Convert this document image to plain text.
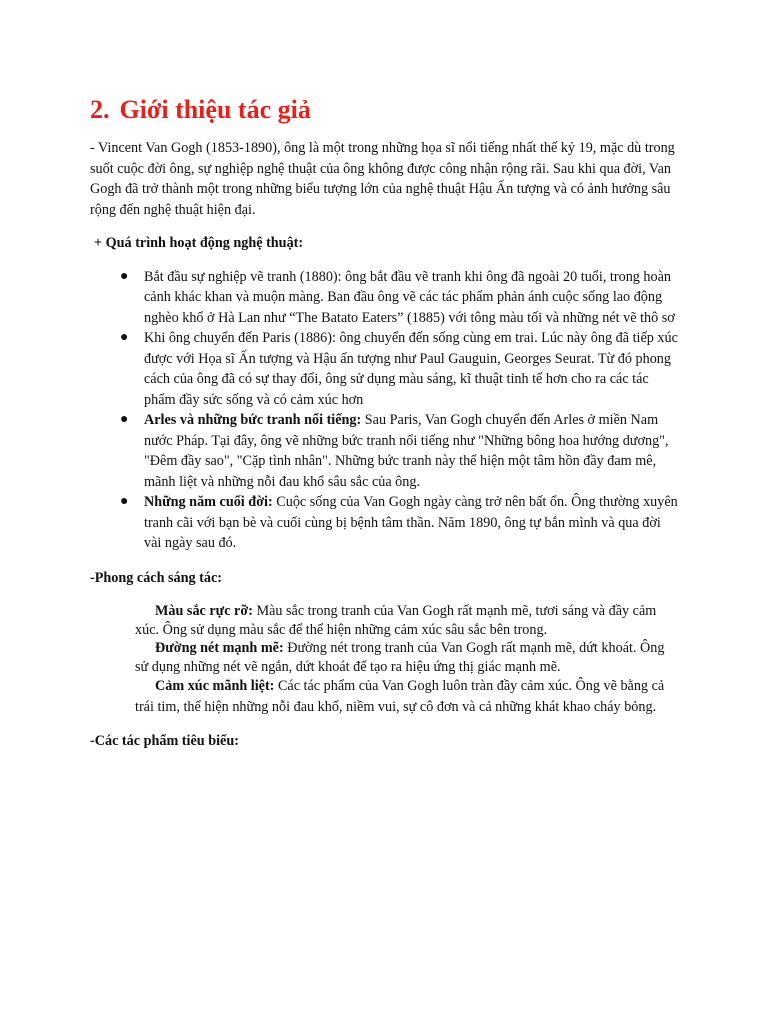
2. Giới thiệu tác giả

- Vincent Van Gogh (1853-1890), ông là một trong những họa sĩ nổi tiếng nhất thế kỷ 19, mặc dù trong suốt cuộc đời ông, sự nghiệp nghệ thuật của ông không được công nhận rộng rãi. Sau khi qua đời, Van Gogh đã trở thành một trong những biểu tượng lớn của nghệ thuật Hậu Ấn tượng và có ảnh hưởng sâu rộng đến nghệ thuật hiện đại.

+ Quá trình hoạt động nghệ thuật:

● Bắt đầu sự nghiệp vẽ tranh (1880): ông bắt đầu vẽ tranh khi ông đã ngoài 20 tuổi, trong hoàn cảnh khác khan và muộn màng. Ban đầu ông vẽ các tác phẩm phản ánh cuộc sống lao động nghèo khổ ở Hà Lan như “The Batato Eaters” (1885) với tông màu tối và những nét vẽ thô sơ
● Khi ông chuyển đến Paris (1886): ông chuyển đến sống cùng em trai. Lúc này ông đã tiếp xúc được với Họa sĩ Ấn tượng và Hậu ấn tượng như Paul Gauguin, Georges Seurat. Từ đó phong cách của ông đã có sự thay đổi, ông sử dụng màu sáng, kĩ thuật tinh tế hơn cho ra các tác phẩm đầy sức sống và có cảm xúc hơn
● Arles và những bức tranh nổi tiếng: Sau Paris, Van Gogh chuyển đến Arles ở miền Nam nước Pháp. Tại đây, ông vẽ những bức tranh nổi tiếng như "Những bông hoa hướng dương", "Đêm đầy sao", "Cặp tình nhân". Những bức tranh này thể hiện một tâm hồn đầy đam mê, mãnh liệt và những nỗi đau khổ sâu sắc của ông.
● Những năm cuối đời: Cuộc sống của Van Gogh ngày càng trở nên bất ổn. Ông thường xuyên tranh cãi với bạn bè và cuối cùng bị bệnh tâm thần. Năm 1890, ông tự bắn mình và qua đời vài ngày sau đó.

-Phong cách sáng tác:

Màu sắc rực rỡ: Màu sắc trong tranh của Van Gogh rất mạnh mẽ, tươi sáng và đầy cảm xúc. Ông sử dụng màu sắc để thể hiện những cảm xúc sâu sắc bên trong.

Đường nét mạnh mẽ: Đường nét trong tranh của Van Gogh rất mạnh mẽ, dứt khoát. Ông sử dụng những nét vẽ ngắn, dứt khoát để tạo ra hiệu ứng thị giác mạnh mẽ.

Cảm xúc mãnh liệt: Các tác phẩm của Van Gogh luôn tràn đầy cảm xúc. Ông vẽ bằng cả trái tim, thể hiện những nỗi đau khổ, niềm vui, sự cô đơn và cả những khát khao cháy bỏng.

-Các tác phẩm tiêu biểu:
